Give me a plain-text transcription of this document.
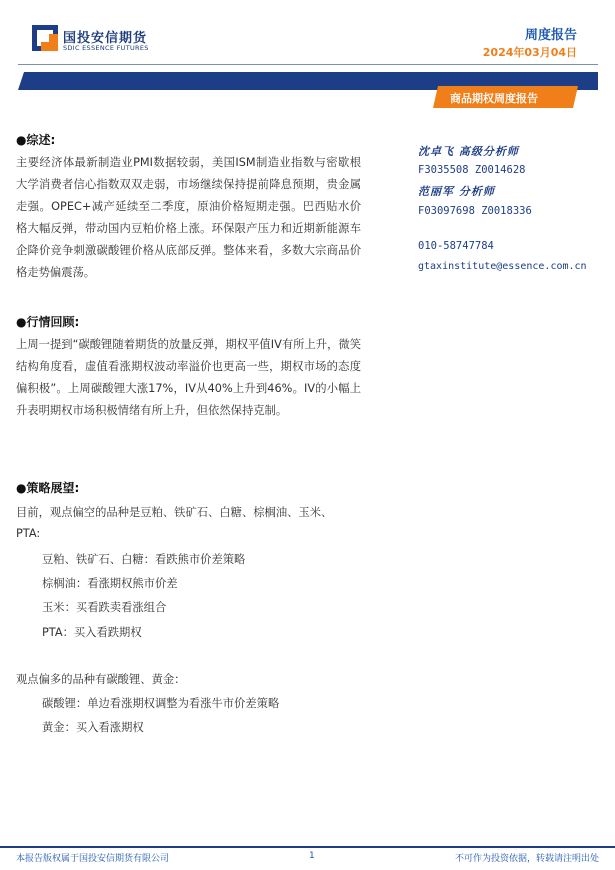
国投安信期货
SDIC ESSENCE FUTURES
周度报告
2024年03月04日
商品期权周度报告
●综述:
主要经济体最新制造业PMI数据较弱，美国ISM制造业指数与密歇根大学消费者信心指数双双走弱，市场继续保持提前降息预期，贵金属走强。OPEC+减产延续至二季度，原油价格短期走强。巴西贴水价格大幅反弹，带动国内豆粕价格上涨。环保限产压力和近期新能源车企降价竞争刺激碳酸锂价格从底部反弹。整体来看，多数大宗商品价格走势偏震荡。
●行情回顾:
上周一提到“碳酸锂随着期货的放量反弹，期权平值IV有所上升，微笑结构角度看，虚值看涨期权波动率溢价也更高一些，期权市场的态度偏积极”。上周碳酸锂大涨17%，IV从40%上升到46%。IV的小幅上升表明期权市场积极情绪有所上升，但依然保持克制。
●策略展望:
目前，观点偏空的品种是豆粕、铁矿石、白糖、棕榈油、玉米、
PTA:
豆粕、铁矿石、白糖：看跌熊市价差策略
棕榈油：看涨期权熊市价差
玉米：买看跌卖看涨组合
PTA：买入看跌期权
观点偏多的品种有碳酸锂、黄金：
碳酸锂：单边看涨期权调整为看涨牛市价差策略
黄金：买入看涨期权
沈卓飞 高级分析师
F3035508 Z0014628
范丽军 分析师
F03097698 Z0018336
010-58747784
gtaxinstitute@essence.com.cn
本报告版权属于国投安信期货有限公司	1	不可作为投资依据，转载请注明出处
